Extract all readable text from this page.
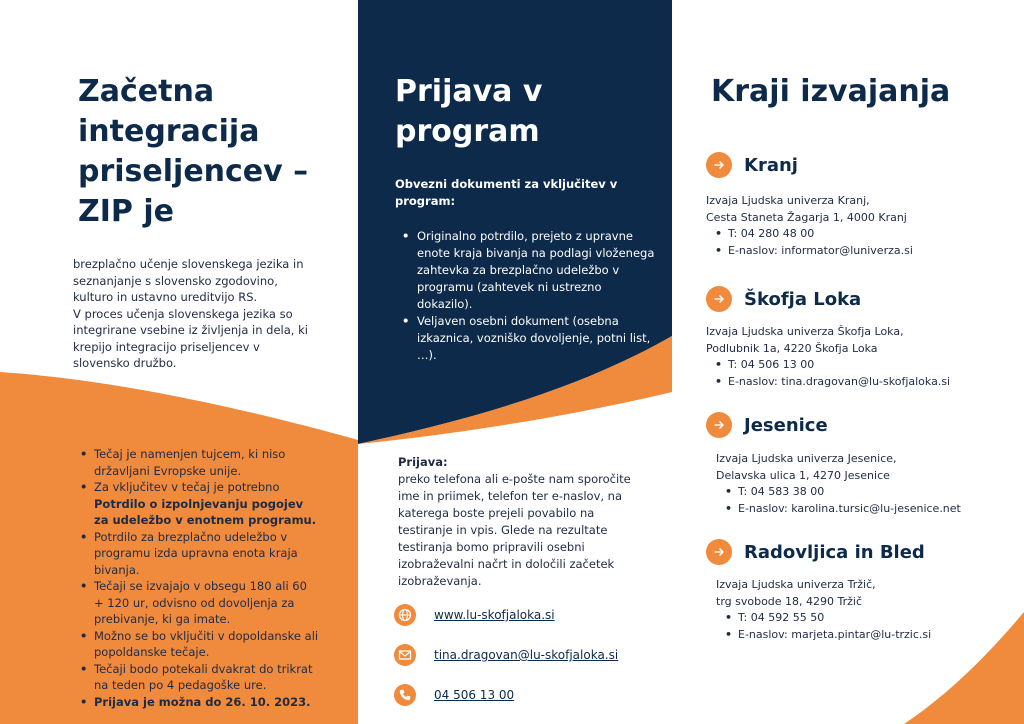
Začetna integracija priseljencev – ZIP je
brezplačno učenje slovenskega jezika in
seznanjanje s slovensko zgodovino,
kulturo in ustavno ureditvijo RS.
V proces učenja slovenskega jezika so
integrirane vsebine iz življenja in dela, ki
krepijo integracijo priseljencev v
slovensko družbo.
• Tečaj je namenjen tujcem, ki niso državljani Evropske unije.
• Za vključitev v tečaj je potrebno Potrdilo o izpolnjevanju pogojev za udeležbo v enotnem programu.
• Potrdilo za brezplačno udeležbo v programu izda upravna enota kraja bivanja.
• Tečaji se izvajajo v obsegu 180 ali 60 + 120 ur, odvisno od dovoljenja za prebivanje, ki ga imate.
• Možno se bo vključiti v dopoldanske ali popoldanske tečaje.
• Tečaji bodo potekali dvakrat do trikrat na teden po 4 pedagoške ure.
• Prijava je možna do 26. 10. 2023.
Prijava v program
Obvezni dokumenti za vključitev v program:
• Originalno potrdilo, prejeto z upravne enote kraja bivanja na podlagi vloženega zahtevka za brezplačno udeležbo v programu (zahtevek ni ustrezno dokazilo).
• Veljaven osebni dokument (osebna izkaznica, vozniško dovoljenje, potni list, …).
Prijava:
preko telefona ali e-pošte nam sporočite ime in priimek, telefon ter e-naslov, na katerega boste prejeli povabilo na testiranje in vpis. Glede na rezultate testiranja bomo pripravili osebni izobraževalni načrt in določili začetek izobraževanja.
www.lu-skofjaloka.si
tina.dragovan@lu-skofjaloka.si
04 506 13 00
Kraji izvajanja
Kranj
Izvaja Ljudska univerza Kranj,
Cesta Staneta Žagarja 1, 4000 Kranj
• T: 04 280 48 00
• E-naslov: informator@luniverza.si
Škofja Loka
Izvaja Ljudska univerza Škofja Loka,
Podlubnik 1a, 4220 Škofja Loka
• T: 04 506 13 00
• E-naslov: tina.dragovan@lu-skofjaloka.si
Jesenice
Izvaja Ljudska univerza Jesenice,
Delavska ulica 1, 4270 Jesenice
• T: 04 583 38 00
• E-naslov: karolina.tursic@lu-jesenice.net
Radovljica in Bled
Izvaja Ljudska univerza Tržič,
trg svobode 18, 4290 Tržič
• T: 04 592 55 50
• E-naslov: marjeta.pintar@lu-trzic.si
